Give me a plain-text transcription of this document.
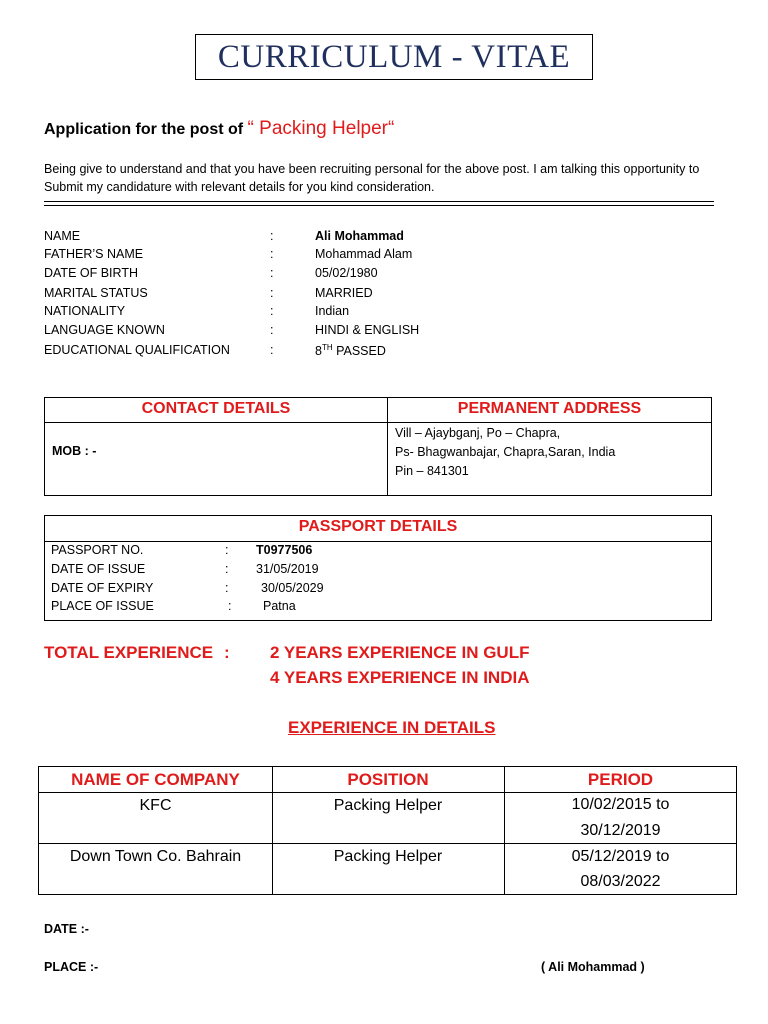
CURRICULUM - VITAE
Application for the post of “ Packing Helper“
Being give to understand and that you have been recruiting personal for the above post. I am talking this opportunity to Submit my candidature with relevant details for you kind consideration.
NAME	:	Ali Mohammad
FATHER’S NAME	:	Mohammad Alam
DATE OF BIRTH	:	05/02/1980
MARITAL STATUS	:	MARRIED
NATIONALITY	:	Indian
LANGUAGE KNOWN	:	HINDI & ENGLISH
EDUCATIONAL QUALIFICATION	:	8TH PASSED
CONTACT DETAILS	PERMANENT ADDRESS
MOB : -
Vill – Ajaybganj, Po – Chapra,
Ps- Bhagwanbajar, Chapra,Saran, India
Pin – 841301
PASSPORT DETAILS
PASSPORT NO.	: T0977506
DATE OF ISSUE	: 31/05/2019
DATE OF EXPIRY	:	30/05/2029
PLACE OF ISSUE	:	Patna
TOTAL EXPERIENCE : 2 YEARS EXPERIENCE IN GULF
4 YEARS EXPERIENCE IN INDIA
EXPERIENCE IN DETAILS
NAME OF COMPANY	POSITION	PERIOD
KFC	Packing Helper	10/02/2015 to
30/12/2019
Down Town Co. Bahrain	Packing Helper	05/12/2019 to
08/03/2022
DATE :-
PLACE :-	( Ali Mohammad )
